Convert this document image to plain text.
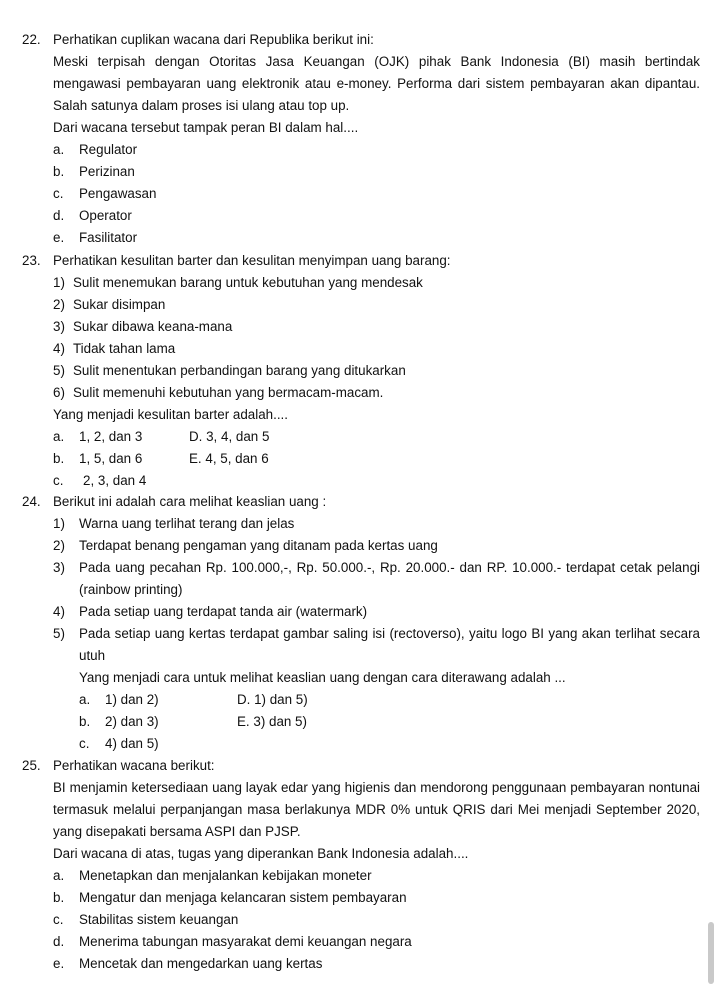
22. Perhatikan cuplikan wacana dari Republika berikut ini:

Meski terpisah dengan Otoritas Jasa Keuangan (OJK) pihak Bank Indonesia (BI) masih bertindak mengawasi pembayaran uang elektronik atau e-money. Performa dari sistem pembayaran akan dipantau. Salah satunya dalam proses isi ulang atau top up.

Dari wacana tersebut tampak peran BI dalam hal....

a.	Regulator
b.	Perizinan
c.	Pengawasan
d.	Operator
e.	Fasilitator
23. Perhatikan kesulitan barter dan kesulitan menyimpan uang barang:

1) Sulit menemukan barang untuk kebutuhan yang mendesak
2) Sukar disimpan
3) Sukar dibawa keana-mana
4) Tidak tahan lama
5) Sulit menentukan perbandingan barang yang ditukarkan
6) Sulit memenuhi kebutuhan yang bermacam-macam.

Yang menjadi kesulitan barter adalah....

a.	1, 2, dan 3	D. 3, 4, dan 5
b.	1, 5, dan 6	E. 4, 5, dan 6
c.	2, 3, dan 4
24. Berikut ini adalah cara melihat keaslian uang :

1)	Warna uang terlihat terang dan jelas
2)	Terdapat benang pengaman yang ditanam pada kertas uang
3)	Pada uang pecahan Rp. 100.000,-, Rp. 50.000.-, Rp. 20.000.- dan RP. 10.000.- terdapat cetak pelangi (rainbow printing)
4)	Pada setiap uang terdapat tanda air (watermark)
5)	Pada setiap uang kertas terdapat gambar saling isi (rectoverso), yaitu logo BI yang akan terlihat secara utuh

Yang menjadi cara untuk melihat keaslian uang dengan cara diterawang adalah ...

a.	1) dan 2)	D. 1) dan 5)
b.	2) dan 3)	E. 3) dan 5)
c.	4) dan 5)
25. Perhatikan wacana berikut:

BI menjamin ketersediaan uang layak edar yang higienis dan mendorong penggunaan pembayaran nontunai termasuk melalui perpanjangan masa berlakunya MDR 0% untuk QRIS dari Mei menjadi September 2020, yang disepakati bersama ASPI dan PJSP.

Dari wacana di atas, tugas yang diperankan Bank Indonesia adalah....

a.	Menetapkan dan menjalankan kebijakan moneter
b.	Mengatur dan menjaga kelancaran sistem pembayaran
c.	Stabilitas sistem keuangan
d.	Menerima tabungan masyarakat demi keuangan negara
e.	Mencetak dan mengedarkan uang kertas
